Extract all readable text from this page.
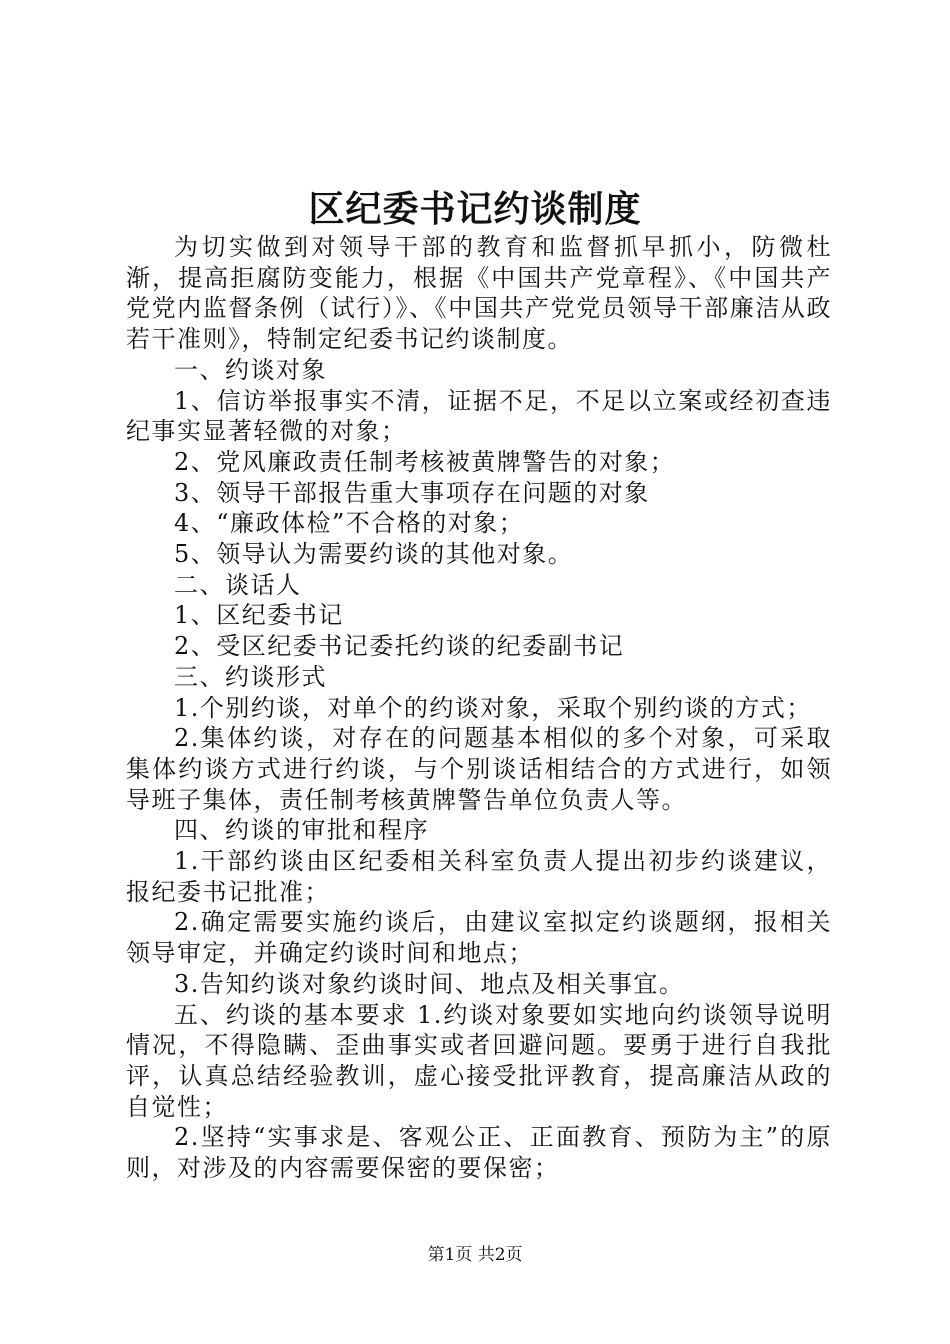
区纪委书记约谈制度

为切实做到对领导干部的教育和监督抓早抓小，防微杜渐，提高拒腐防变能力，根据《中国共产党章程》、《中国共产党党内监督条例（试行）》、《中国共产党党员领导干部廉洁从政若干准则》，特制定纪委书记约谈制度。

一、约谈对象

1、信访举报事实不清，证据不足，不足以立案或经初查违纪事实显著轻微的对象；

2、党风廉政责任制考核被黄牌警告的对象；

3、领导干部报告重大事项存在问题的对象

4、“廉政体检”不合格的对象；

5、领导认为需要约谈的其他对象。

二、谈话人

1、区纪委书记

2、受区纪委书记委托约谈的纪委副书记

三、约谈形式

1.个别约谈，对单个的约谈对象，采取个别约谈的方式；

2.集体约谈，对存在的问题基本相似的多个对象，可采取集体约谈方式进行约谈，与个别谈话相结合的方式进行，如领导班子集体，责任制考核黄牌警告单位负责人等。

四、约谈的审批和程序

1.干部约谈由区纪委相关科室负责人提出初步约谈建议，报纪委书记批准；

2.确定需要实施约谈后，由建议室拟定约谈题纲，报相关领导审定，并确定约谈时间和地点；

3.告知约谈对象约谈时间、地点及相关事宜。

五、约谈的基本要求 1.约谈对象要如实地向约谈领导说明情况，不得隐瞒、歪曲事实或者回避问题。要勇于进行自我批评，认真总结经验教训，虚心接受批评教育，提高廉洁从政的自觉性；

2.坚持“实事求是、客观公正、正面教育、预防为主”的原则，对涉及的内容需要保密的要保密；

第1页 共2页
